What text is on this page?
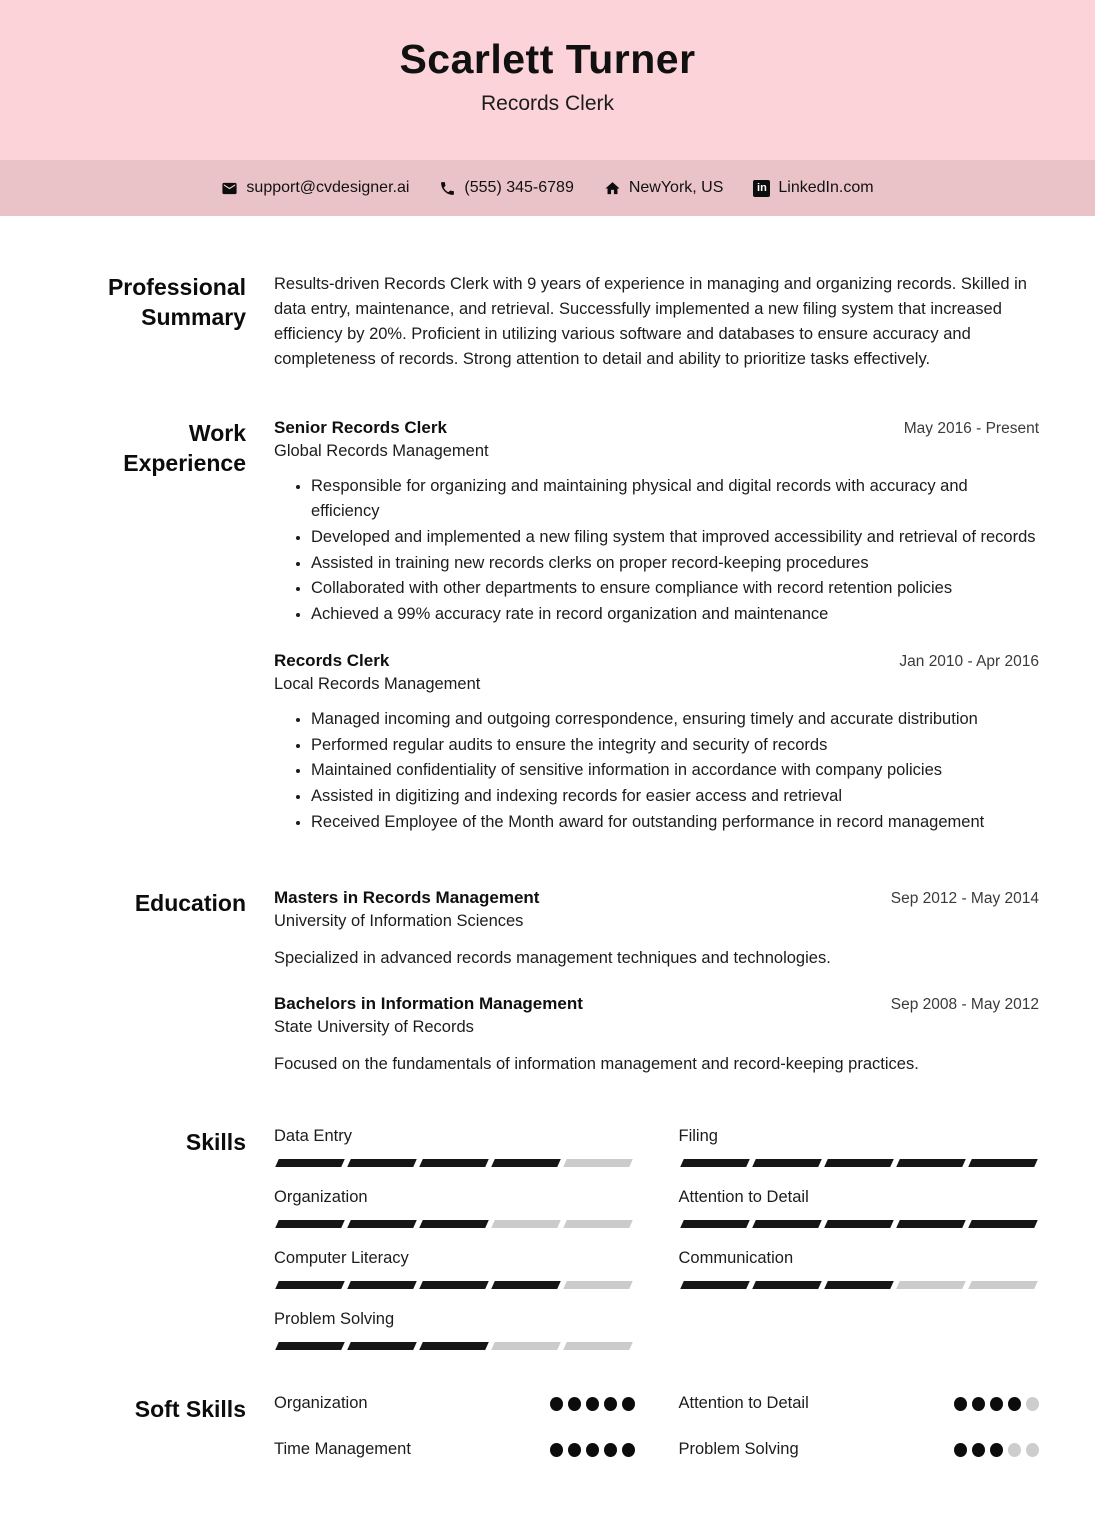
Scarlett Turner
Records Clerk
support@cvdesigner.ai	(555) 345-6789	NewYork, US	in LinkedIn.com
Professional Summary
Results-driven Records Clerk with 9 years of experience in managing and organizing records. Skilled in data entry, maintenance, and retrieval. Successfully implemented a new filing system that increased efficiency by 20%. Proficient in utilizing various software and databases to ensure accuracy and completeness of records. Strong attention to detail and ability to prioritize tasks effectively.
Work Experience
Senior Records Clerk	May 2016 - Present
Global Records Management
• Responsible for organizing and maintaining physical and digital records with accuracy and efficiency
• Developed and implemented a new filing system that improved accessibility and retrieval of records
• Assisted in training new records clerks on proper record-keeping procedures
• Collaborated with other departments to ensure compliance with record retention policies
• Achieved a 99% accuracy rate in record organization and maintenance
Records Clerk	Jan 2010 - Apr 2016
Local Records Management
• Managed incoming and outgoing correspondence, ensuring timely and accurate distribution
• Performed regular audits to ensure the integrity and security of records
• Maintained confidentiality of sensitive information in accordance with company policies
• Assisted in digitizing and indexing records for easier access and retrieval
• Received Employee of the Month award for outstanding performance in record management
Education Masters in Records Management	Sep 2012 - May 2014
University of Information Sciences
Specialized in advanced records management techniques and technologies.
Bachelors in Information Management	Sep 2008 - May 2012
State University of Records
Focused on the fundamentals of information management and record-keeping practices.
Skills Data Entry	Filing
Organization	Attention to Detail
Computer Literacy	Communication
Problem Solving
Soft Skills Organization	Attention to Detail
Time Management	Problem Solving
